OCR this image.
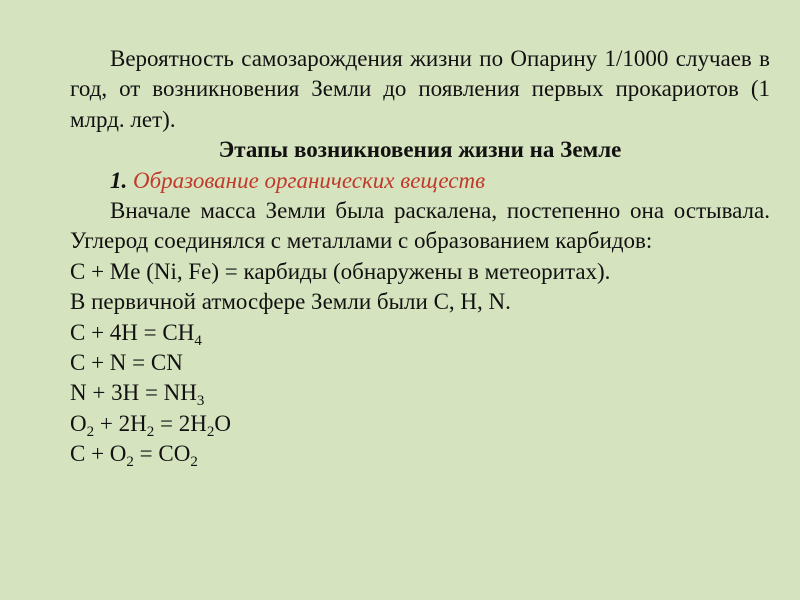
Вероятность самозарождения жизни по Опарину 1/1000 случаев в год, от возникновения Земли до появления первых прокариотов (1 млрд. лет).

Этапы возникновения жизни на Земле

1. Образование органических веществ

Вначале масса Земли была раскалена, постепенно она остывала. Углерод соединялся с металлами с образованием карбидов:

C + Me (Ni, Fe) = карбиды (обнаружены в метеоритах).

В первичной атмосфере Земли были C, H, N.

$C + 4H = CH_4$

C + N = CN

$N + 3H = NH_3$

$O_2 + 2H_2 = 2H_2O$

$C + O_2 = CO_2$
